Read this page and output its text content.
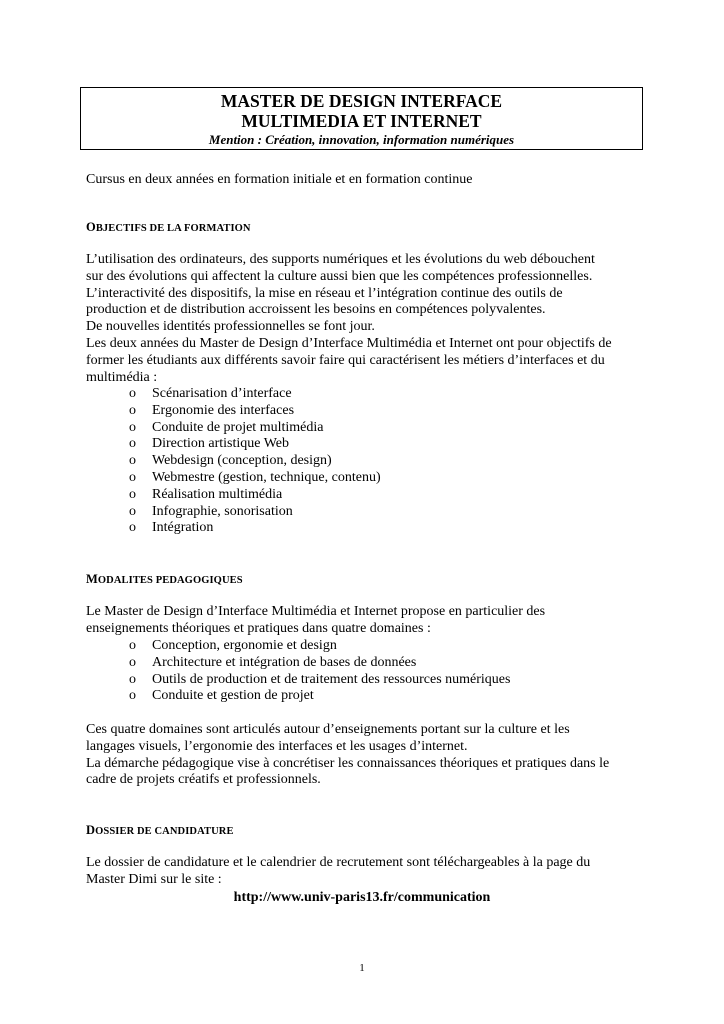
MASTER DE DESIGN INTERFACE
MULTIMEDIA ET INTERNET
Mention : Création, innovation, information numériques
Cursus en deux années en formation initiale et en formation continue
OBJECTIFS DE LA FORMATION
L’utilisation des ordinateurs, des supports numériques et les évolutions du web débouchent
sur des évolutions qui affectent la culture aussi bien que les compétences professionnelles.
L’interactivité des dispositifs, la mise en réseau et l’intégration continue des outils de
production et de distribution accroissent les besoins en compétences polyvalentes.
De nouvelles identités professionnelles se font jour.
Les deux années du Master de Design d’Interface Multimédia et Internet ont pour objectifs de
former les étudiants aux différents savoir faire qui caractérisent les métiers d’interfaces et du
multimédia :
o Scénarisation d’interface
o Ergonomie des interfaces
o Conduite de projet multimédia
o Direction artistique Web
o Webdesign (conception, design)
o Webmestre (gestion, technique, contenu)
o Réalisation multimédia
o Infographie, sonorisation
o Intégration
MODALITES PEDAGOGIQUES
Le Master de Design d’Interface Multimédia et Internet propose en particulier des
enseignements théoriques et pratiques dans quatre domaines :
o Conception, ergonomie et design
o Architecture et intégration de bases de données
o Outils de production et de traitement des ressources numériques
o Conduite et gestion de projet
Ces quatre domaines sont articulés autour d’enseignements portant sur la culture et les
langages visuels, l’ergonomie des interfaces et les usages d’internet.
La démarche pédagogique vise à concrétiser les connaissances théoriques et pratiques dans le
cadre de projets créatifs et professionnels.
DOSSIER DE CANDIDATURE
Le dossier de candidature et le calendrier de recrutement sont téléchargeables à la page du
Master Dimi sur le site :
http://www.univ-paris13.fr/communication
1
